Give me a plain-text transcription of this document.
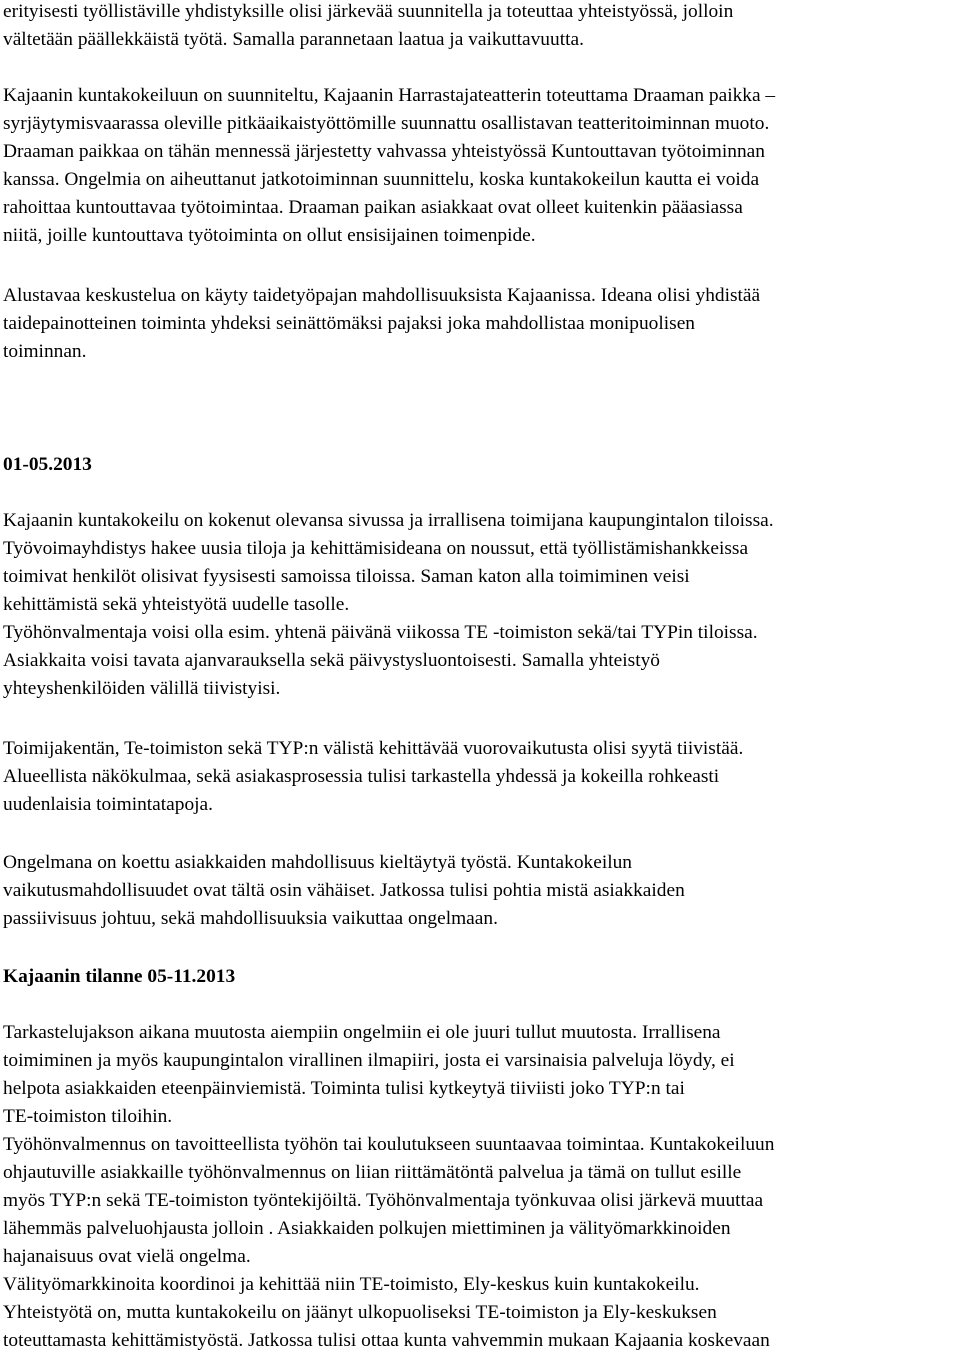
erityisesti työllistäville yhdistyksille olisi järkevää suunnitella ja toteuttaa yhteistyössä, jolloin
vältetään päällekkäistä työtä. Samalla parannetaan laatua ja vaikuttavuutta.
Kajaanin kuntakokeiluun on suunniteltu, Kajaanin Harrastajateatterin toteuttama Draaman paikka –
syrjäytymisvaarassa oleville pitkäaikaistyöttömille suunnattu osallistavan teatteritoiminnan muoto.
Draaman paikkaa on tähän mennessä järjestetty vahvassa yhteistyössä Kuntouttavan työtoiminnan
kanssa. Ongelmia on aiheuttanut jatkotoiminnan suunnittelu, koska kuntakokeilun kautta ei voida
rahoittaa kuntouttavaa työtoimintaa. Draaman paikan asiakkaat ovat olleet kuitenkin pääasiassa
niitä, joille kuntouttava työtoiminta on ollut ensisijainen toimenpide.
Alustavaa keskustelua on käyty taidetyöpajan mahdollisuuksista Kajaanissa. Ideana olisi yhdistää
taidepainotteinen toiminta yhdeksi seinättömäksi pajaksi joka mahdollistaa monipuolisen
toiminnan.
01-05.2013
Kajaanin kuntakokeilu on kokenut olevansa sivussa ja irrallisena toimijana kaupungintalon tiloissa.
Työvoimayhdistys hakee uusia tiloja ja kehittämisideana on noussut, että työllistämishankkeissa
toimivat henkilöt olisivat fyysisesti samoissa tiloissa. Saman katon alla toimiminen veisi
kehittämistä sekä yhteistyötä uudelle tasolle.
Työhönvalmentaja voisi olla esim. yhtenä päivänä viikossa TE -toimiston sekä/tai TYPin tiloissa.
Asiakkaita voisi tavata ajanvarauksella sekä päivystysluontoisesti. Samalla yhteistyö
yhteyshenkilöiden välillä tiivistyisi.
Toimijakentän, Te-toimiston sekä TYP:n välistä kehittävää vuorovaikutusta olisi syytä tiivistää.
Alueellista näkökulmaa, sekä asiakasprosessia tulisi tarkastella yhdessä ja kokeilla rohkeasti
uudenlaisia toimintatapoja.
Ongelmana on koettu asiakkaiden mahdollisuus kieltäytyä työstä. Kuntakokeilun
vaikutusmahdollisuudet ovat tältä osin vähäiset. Jatkossa tulisi pohtia mistä asiakkaiden
passiivisuus johtuu, sekä mahdollisuuksia vaikuttaa ongelmaan.
Kajaanin tilanne 05-11.2013
Tarkastelujakson aikana muutosta aiempiin ongelmiin ei ole juuri tullut muutosta. Irrallisena
toimiminen ja myös kaupungintalon virallinen ilmapiiri, josta ei varsinaisia palveluja löydy, ei
helpota asiakkaiden eteenpäinviemistä. Toiminta tulisi kytkeytyä tiiviisti joko TYP:n tai
TE-toimiston tiloihin.
Työhönvalmennus on tavoitteellista työhön tai koulutukseen suuntaavaa toimintaa. Kuntakokeiluun
ohjautuville asiakkaille työhönvalmennus on liian riittämätöntä palvelua ja tämä on tullut esille
myös TYP:n sekä TE-toimiston työntekijöiltä. Työhönvalmentaja työnkuvaa olisi järkevä muuttaa
lähemmäs palveluohjausta jolloin . Asiakkaiden polkujen miettiminen ja välityömarkkinoiden
hajanaisuus ovat vielä ongelma.
Välityömarkkinoita koordinoi ja kehittää niin TE-toimisto, Ely-keskus kuin kuntakokeilu.
Yhteistyötä on, mutta kuntakokeilu on jäänyt ulkopuoliseksi TE-toimiston ja Ely-keskuksen
toteuttamasta kehittämistyöstä. Jatkossa tulisi ottaa kunta vahvemmin mukaan Kajaania koskevaan
